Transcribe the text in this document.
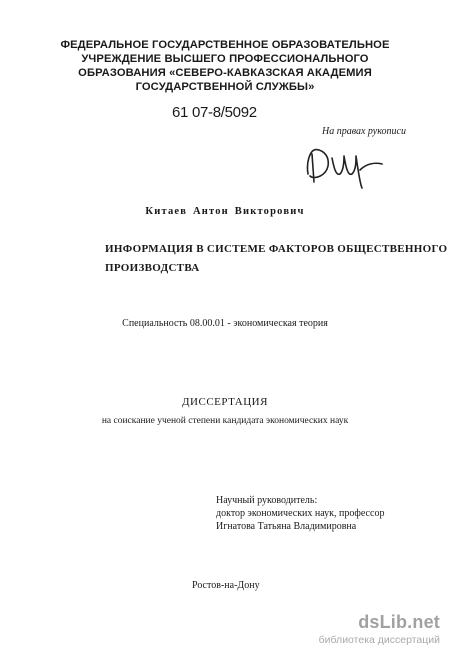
ФЕДЕРАЛЬНОЕ ГОСУДАРСТВЕННОЕ ОБРАЗОВАТЕЛЬНОЕ
УЧРЕЖДЕНИЕ ВЫСШЕГО ПРОФЕССИОНАЛЬНОГО
ОБРАЗОВАНИЯ «СЕВЕРО-КАВКАЗСКАЯ АКАДЕМИЯ
ГОСУДАРСТВЕННОЙ СЛУЖБЫ»
61 07-8/5092
На правах рукописи
Китаев Антон Викторович
ИНФОРМАЦИЯ В СИСТЕМЕ ФАКТОРОВ ОБЩЕСТВЕННОГО
ПРОИЗВОДСТВА
Специальность 08.00.01 - экономическая теория
ДИССЕРТАЦИЯ
на соискание ученой степени кандидата экономических наук
Научный руководитель:
доктор экономических наук, профессор
Игнатова Татьяна Владимировна
Ростов-на-Дону
dsLib.net
библиотека диссертаций
